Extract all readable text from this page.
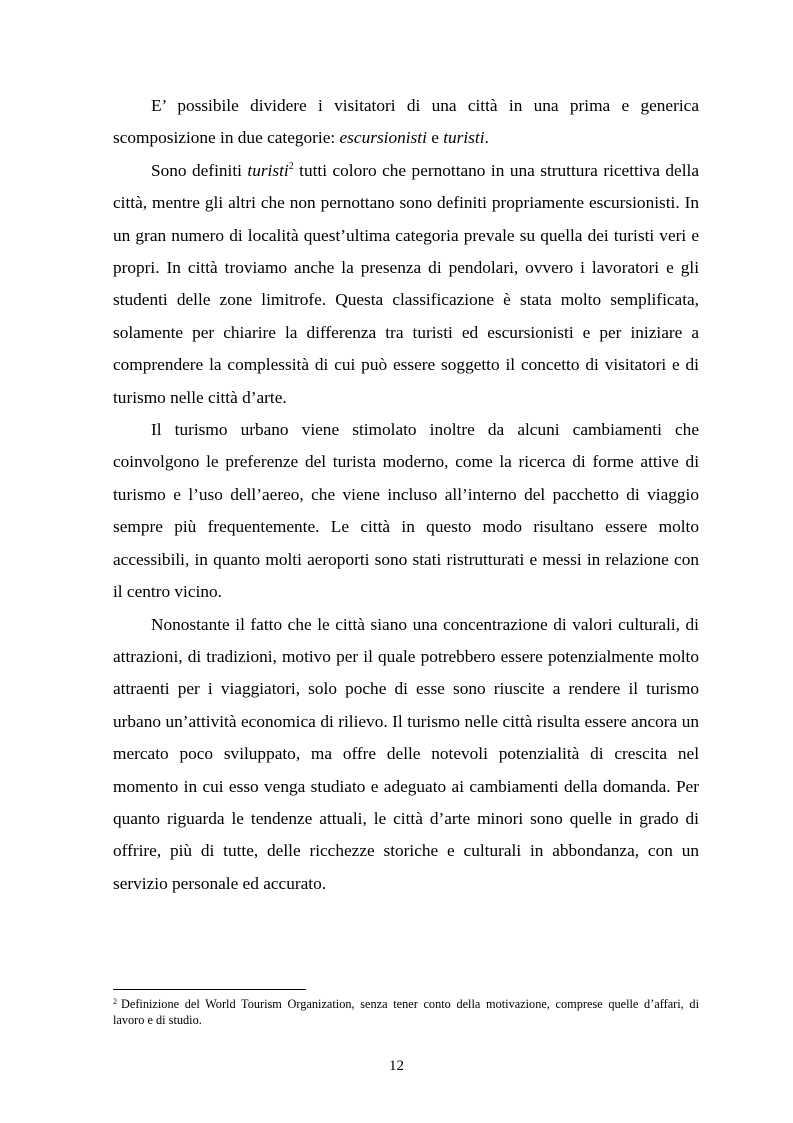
E’ possibile dividere i visitatori di una città in una prima e generica scomposizione in due categorie: escursionisti e turisti.

Sono definiti turisti$^2$ tutti coloro che pernottano in una struttura ricettiva della città, mentre gli altri che non pernottano sono definiti propriamente escursionisti. In un gran numero di località quest’ultima categoria prevale su quella dei turisti veri e propri. In città troviamo anche la presenza di pendolari, ovvero i lavoratori e gli studenti delle zone limitrofe. Questa classificazione è stata molto semplificata, solamente per chiarire la differenza tra turisti ed escursionisti e per iniziare a comprendere la complessità di cui può essere soggetto il concetto di visitatori e di turismo nelle città d’arte.

Il turismo urbano viene stimolato inoltre da alcuni cambiamenti che coinvolgono le preferenze del turista moderno, come la ricerca di forme attive di turismo e l’uso dell’aereo, che viene incluso all’interno del pacchetto di viaggio sempre più frequentemente. Le città in questo modo risultano essere molto accessibili, in quanto molti aeroporti sono stati ristrutturati e messi in relazione con il centro vicino.

Nonostante il fatto che le città siano una concentrazione di valori culturali, di attrazioni, di tradizioni, motivo per il quale potrebbero essere potenzialmente molto attraenti per i viaggiatori, solo poche di esse sono riuscite a rendere il turismo urbano un’attività economica di rilievo. Il turismo nelle città risulta essere ancora un mercato poco sviluppato, ma offre delle notevoli potenzialità di crescita nel momento in cui esso venga studiato e adeguato ai cambiamenti della domanda. Per quanto riguarda le tendenze attuali, le città d’arte minori sono quelle in grado di offrire, più di tutte, delle ricchezze storiche e culturali in abbondanza, con un servizio personale ed accurato.

$^2$ Definizione del World Tourism Organization, senza tener conto della motivazione, comprese quelle d’affari, di lavoro e di studio.
12
